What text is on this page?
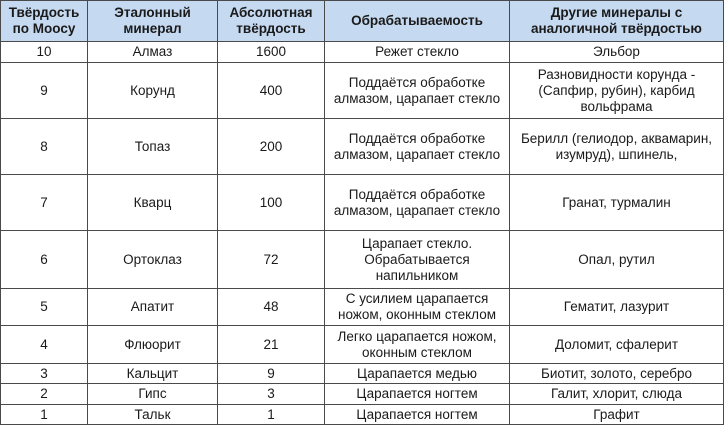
Твёрдость по Моосу	Эталонный минерал	Абсолютная твёрдость	Обрабатываемость	Другие минералы с аналогичной твёрдостью
10	Алмаз	1600	Режет стекло	Эльбор
9	Корунд	400	Поддаётся обработке алмазом, царапает стекло	Разновидности корунда - (Сапфир, рубин), карбид вольфрама
8	Топаз	200	Поддаётся обработке алмазом, царапает стекло	Берилл (гелиодор, аквамарин, изумруд), шпинель,
7	Кварц	100	Поддаётся обработке алмазом, царапает стекло	Гранат, турмалин
6	Ортоклаз	72	Царапает стекло. Обрабатывается напильником	Опал, рутил
5	Апатит	48	С усилием царапается ножом, оконным стеклом	Гематит, лазурит
4	Флюорит	21	Легко царапается ножом, оконным стеклом	Доломит, сфалерит
3	Кальцит	9	Царапается медью	Биотит, золото, серебро
2	Гипс	3	Царапается ногтем	Галит, хлорит, слюда
1	Тальк	1	Царапается ногтем	Графит
